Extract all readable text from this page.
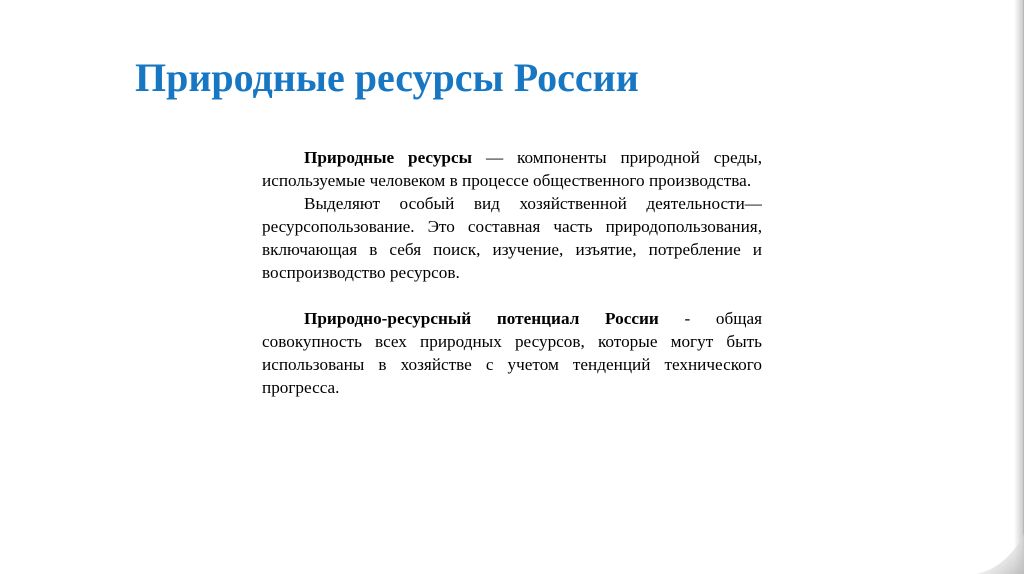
Природные ресурсы России

Природные ресурсы — компоненты природной среды, используемые человеком в процессе общественного производства.

Выделяют особый вид хозяйственной деятельности—ресурсопользование. Это составная часть природопользования, включающая в себя поиск, изучение, изъятие, потребление и воспроизводство ресурсов.

Природно-ресурсный потенциал России - общая совокупность всех природных ресурсов, которые могут быть использованы в хозяйстве с учетом тенденций технического прогресса.
